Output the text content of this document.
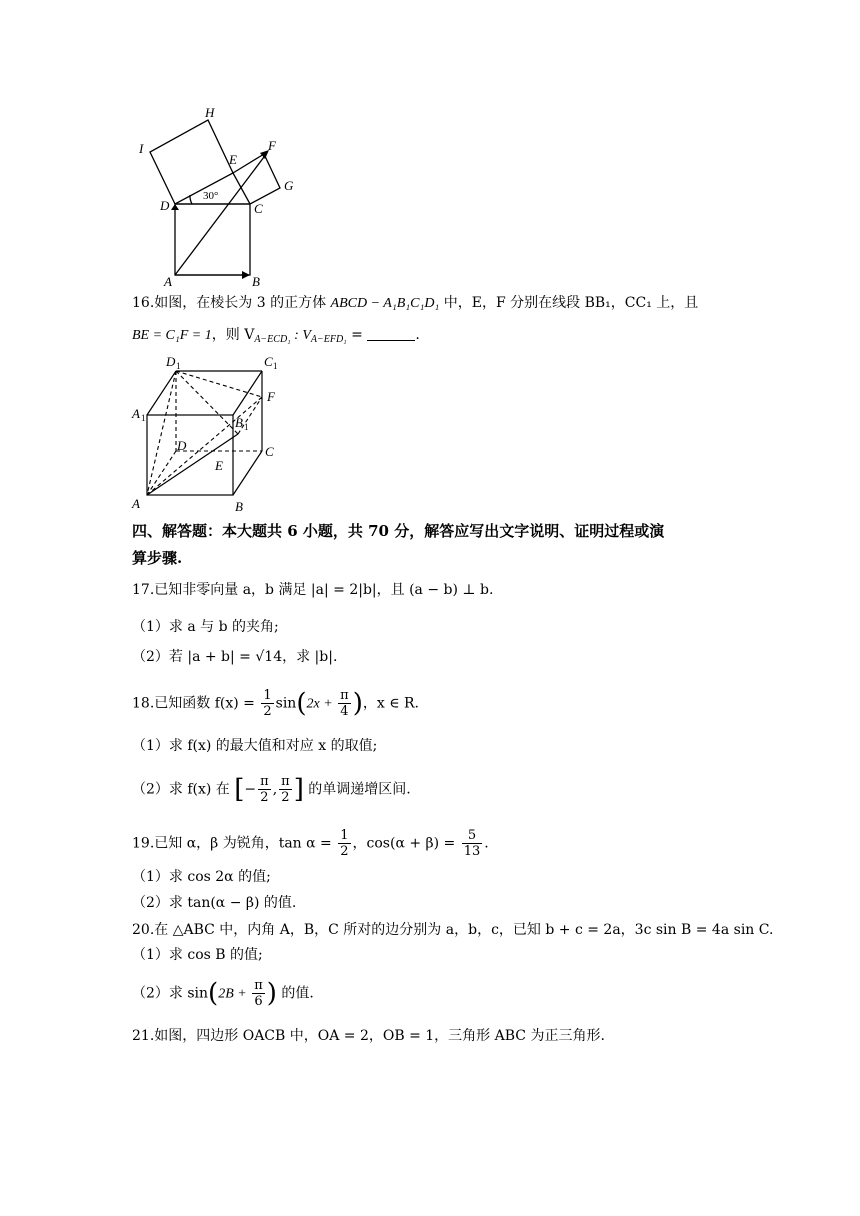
H
I
E
F
G
D	C
A	B
30°
16.如图，在棱长为 3 的正方体 ABCD − A₁B₁C₁D₁ 中，E，F 分别在线段 BB₁，CC₁ 上，且
BE = C₁F = 1，则 $V_{A-ECD_1}$ : $V_{A-EFD_1}$ =	.
D 1	C 1
A 1	B 1
F
D	C
E
A	B
四、解答题：本大题共 6 小题，共 70 分，解答应写出文字说明、证明过程或演
算步骤.
17.已知非零向量 a，b 满足 |a| = 2|b|，且 (a − b) ⊥ b.
（1）求 a 与 b 的夹角;
（2）若 |a + b| = √14，求 |b|.
18.已知函数 $f(x) = \frac{1}{2} \sin(2x + \frac{\pi}{4}$ )，x ∈ R.
（1）求 f(x) 的最大值和对应 x 的取值;
（2）求 f(x) 在 [− $\frac{\pi}{2}$ , $\frac{\pi}{2}$ ] 的单调递增区间.
19.已知 α，β 为锐角，$\tan \alpha = \frac{1}{2}$ ，$\cos(\alpha + \beta) = \frac{5}{13}$ .
（1）求 cos 2α 的值;
（2）求 tan(α − β) 的值.
20.在 △ABC 中，内角 A，B，C 所对的边分别为 a，b，c，已知 b + c = 2a，3c sin B = 4a sin C.
（1）求 cos B 的值;
（2）求 $\sin(2B + \frac{\pi}{6}$ ) 的值.
21.如图，四边形 OACB 中，OA = 2，OB = 1，三角形 ABC 为正三角形.
